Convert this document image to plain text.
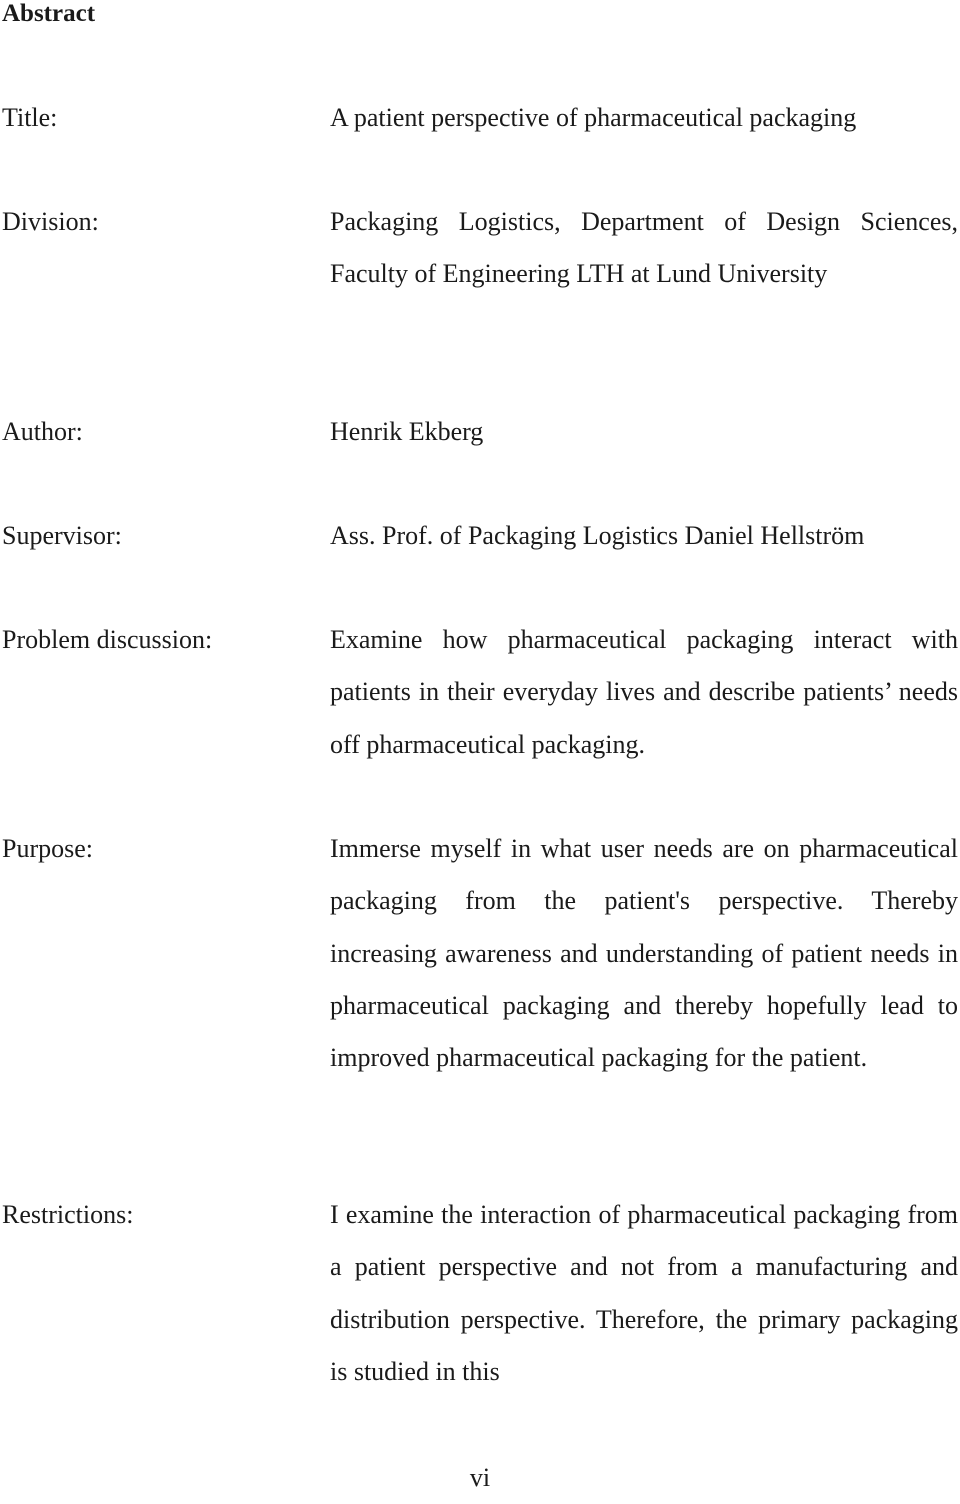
Abstract
Title:	A patient perspective of pharmaceutical packaging
Division:	Packaging Logistics, Department of Design Sciences, Faculty of Engineering LTH at Lund University
Author:	Henrik Ekberg
Supervisor:	Ass. Prof. of Packaging Logistics Daniel Hellström
Problem discussion:	Examine how pharmaceutical packaging interact with patients in their everyday lives and describe patients’ needs off pharmaceutical packaging.
Purpose:	Immerse myself in what user needs are on pharmaceutical packaging from the patient's perspective. Thereby increasing awareness and understanding of patient needs in pharmaceutical packaging and thereby hopefully lead to improved pharmaceutical packaging for the patient.
Restrictions:	I examine the interaction of pharmaceutical packaging from a patient perspective and not from a manufacturing and distribution perspective. Therefore, the primary packaging is studied in this
vi
